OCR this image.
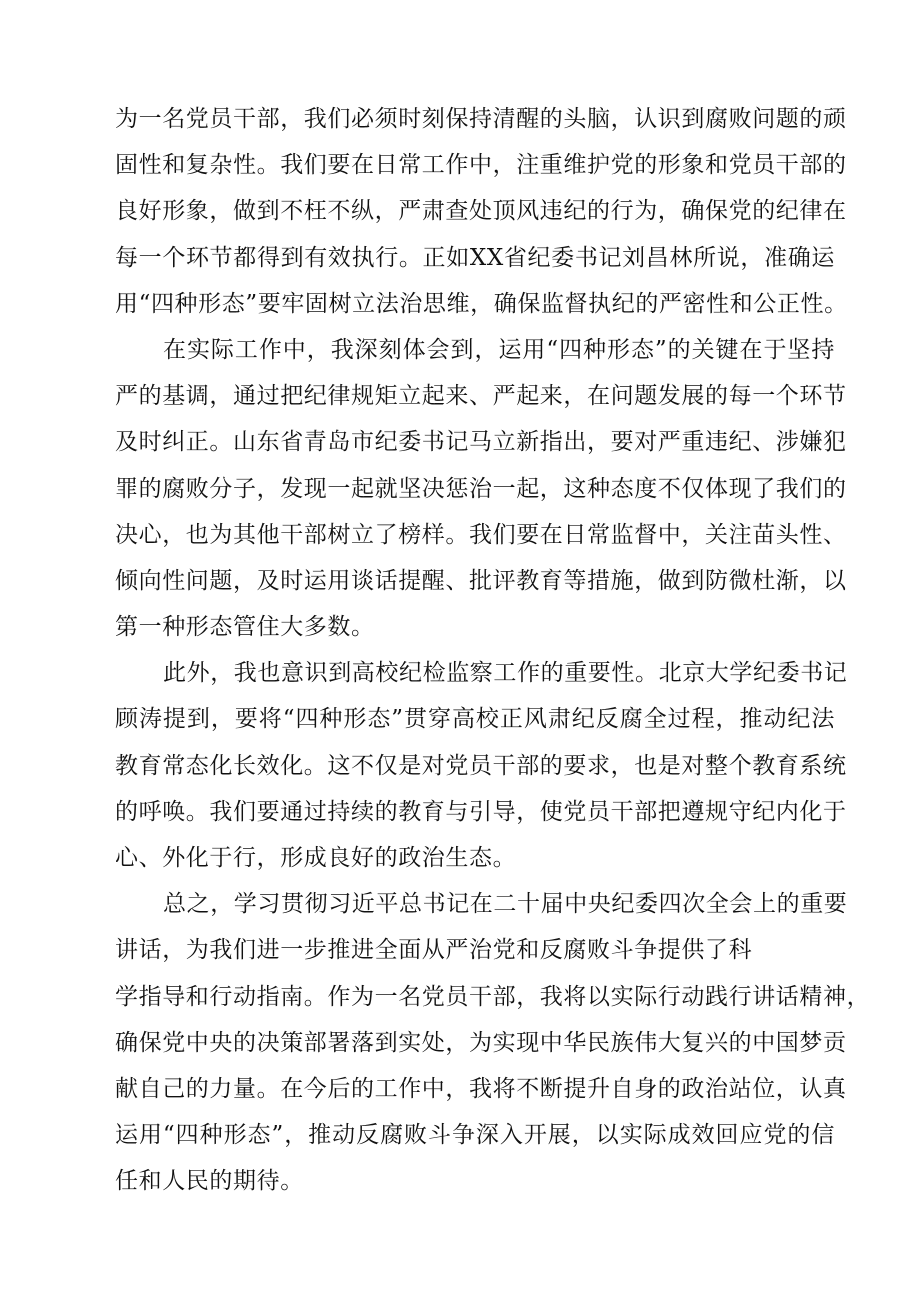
为一名党员干部，我们必须时刻保持清醒的头脑，认识到腐败问题的顽
固性和复杂性。我们要在日常工作中，注重维护党的形象和党员干部的
良好形象，做到不枉不纵，严肃查处顶风违纪的行为，确保党的纪律在
每一个环节都得到有效执行。正如XX省纪委书记刘昌林所说，准确运
用“四种形态”要牢固树立法治思维，确保监督执纪的严密性和公正性。
在实际工作中，我深刻体会到，运用“四种形态”的关键在于坚持
严的基调，通过把纪律规矩立起来、严起来，在问题发展的每一个环节
及时纠正。山东省青岛市纪委书记马立新指出，要对严重违纪、涉嫌犯
罪的腐败分子，发现一起就坚决惩治一起，这种态度不仅体现了我们的
决心，也为其他干部树立了榜样。我们要在日常监督中，关注苗头性、
倾向性问题，及时运用谈话提醒、批评教育等措施，做到防微杜渐，以
第一种形态管住大多数。
此外，我也意识到高校纪检监察工作的重要性。北京大学纪委书记
顾涛提到，要将“四种形态”贯穿高校正风肃纪反腐全过程，推动纪法
教育常态化长效化。这不仅是对党员干部的要求，也是对整个教育系统
的呼唤。我们要通过持续的教育与引导，使党员干部把遵规守纪内化于
心、外化于行，形成良好的政治生态。
总之，学习贯彻习近平总书记在二十届中央纪委四次全会上的重要
讲话，为我们进一步推进全面从严治党和反腐败斗争提供了科
学指导和行动指南。作为一名党员干部，我将以实际行动践行讲话精神，
确保党中央的决策部署落到实处，为实现中华民族伟大复兴的中国梦贡
献自己的力量。在今后的工作中，我将不断提升自身的政治站位，认真
运用“四种形态”，推动反腐败斗争深入开展，以实际成效回应党的信
任和人民的期待。
